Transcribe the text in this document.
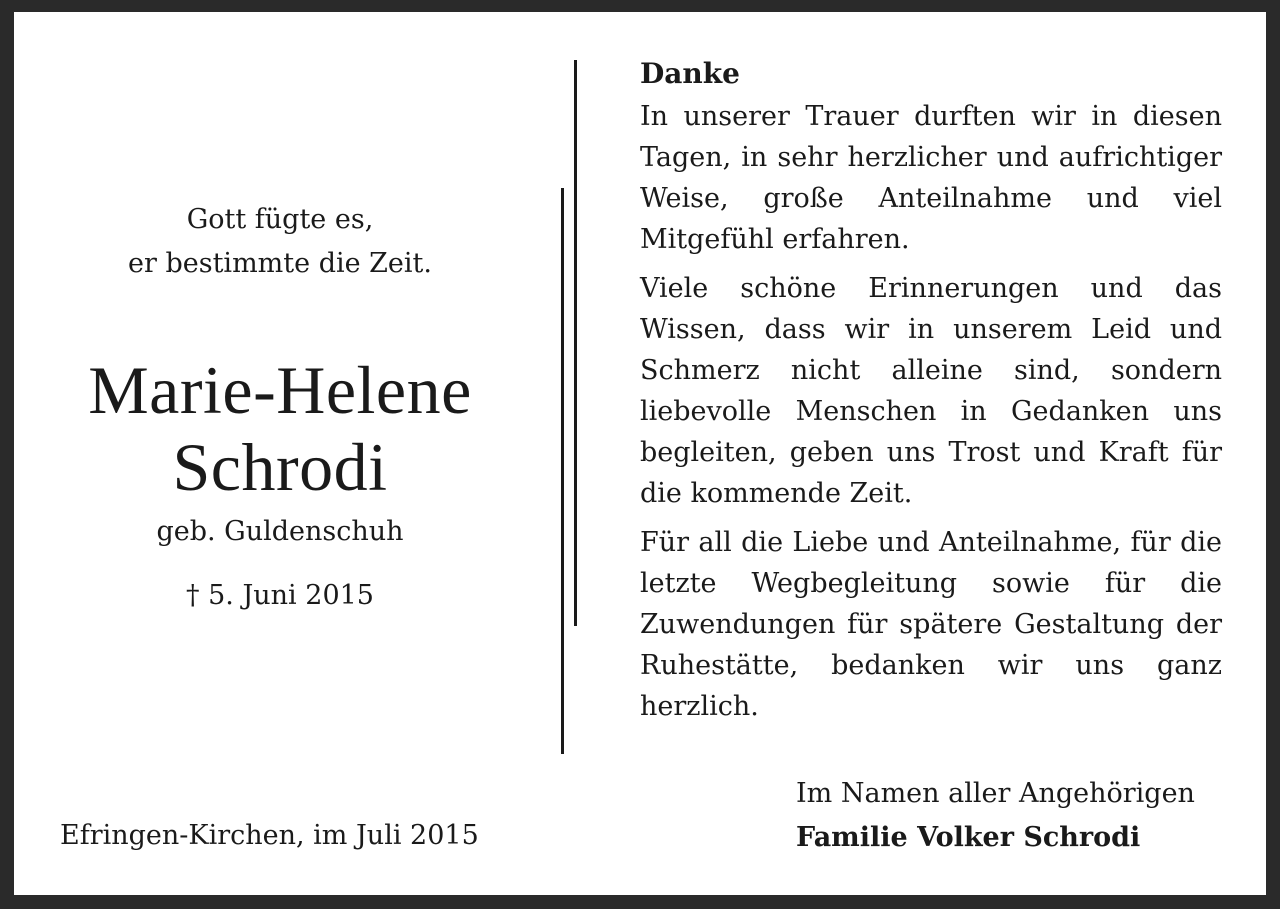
Gott fügte es,
er bestimmte die Zeit.
Marie-Helene
Schrodi
geb. Guldenschuh
† 5. Juni 2015
Efringen-Kirchen, im Juli 2015
Danke

In unserer Trauer durften wir in diesen Tagen, in sehr herzlicher und aufrichtiger Weise, große Anteilnahme und viel Mitgefühl erfahren.

Viele schöne Erinnerungen und das Wissen, dass wir in unserem Leid und Schmerz nicht alleine sind, sondern liebevolle Menschen in Gedanken uns begleiten, geben uns Trost und Kraft für die kommende Zeit.

Für all die Liebe und Anteilnahme, für die letzte Wegbegleitung sowie für die Zuwendungen für spätere Gestaltung der Ruhestätte, bedanken wir uns ganz herzlich.

Im Namen aller Angehörigen
Familie Volker Schrodi
